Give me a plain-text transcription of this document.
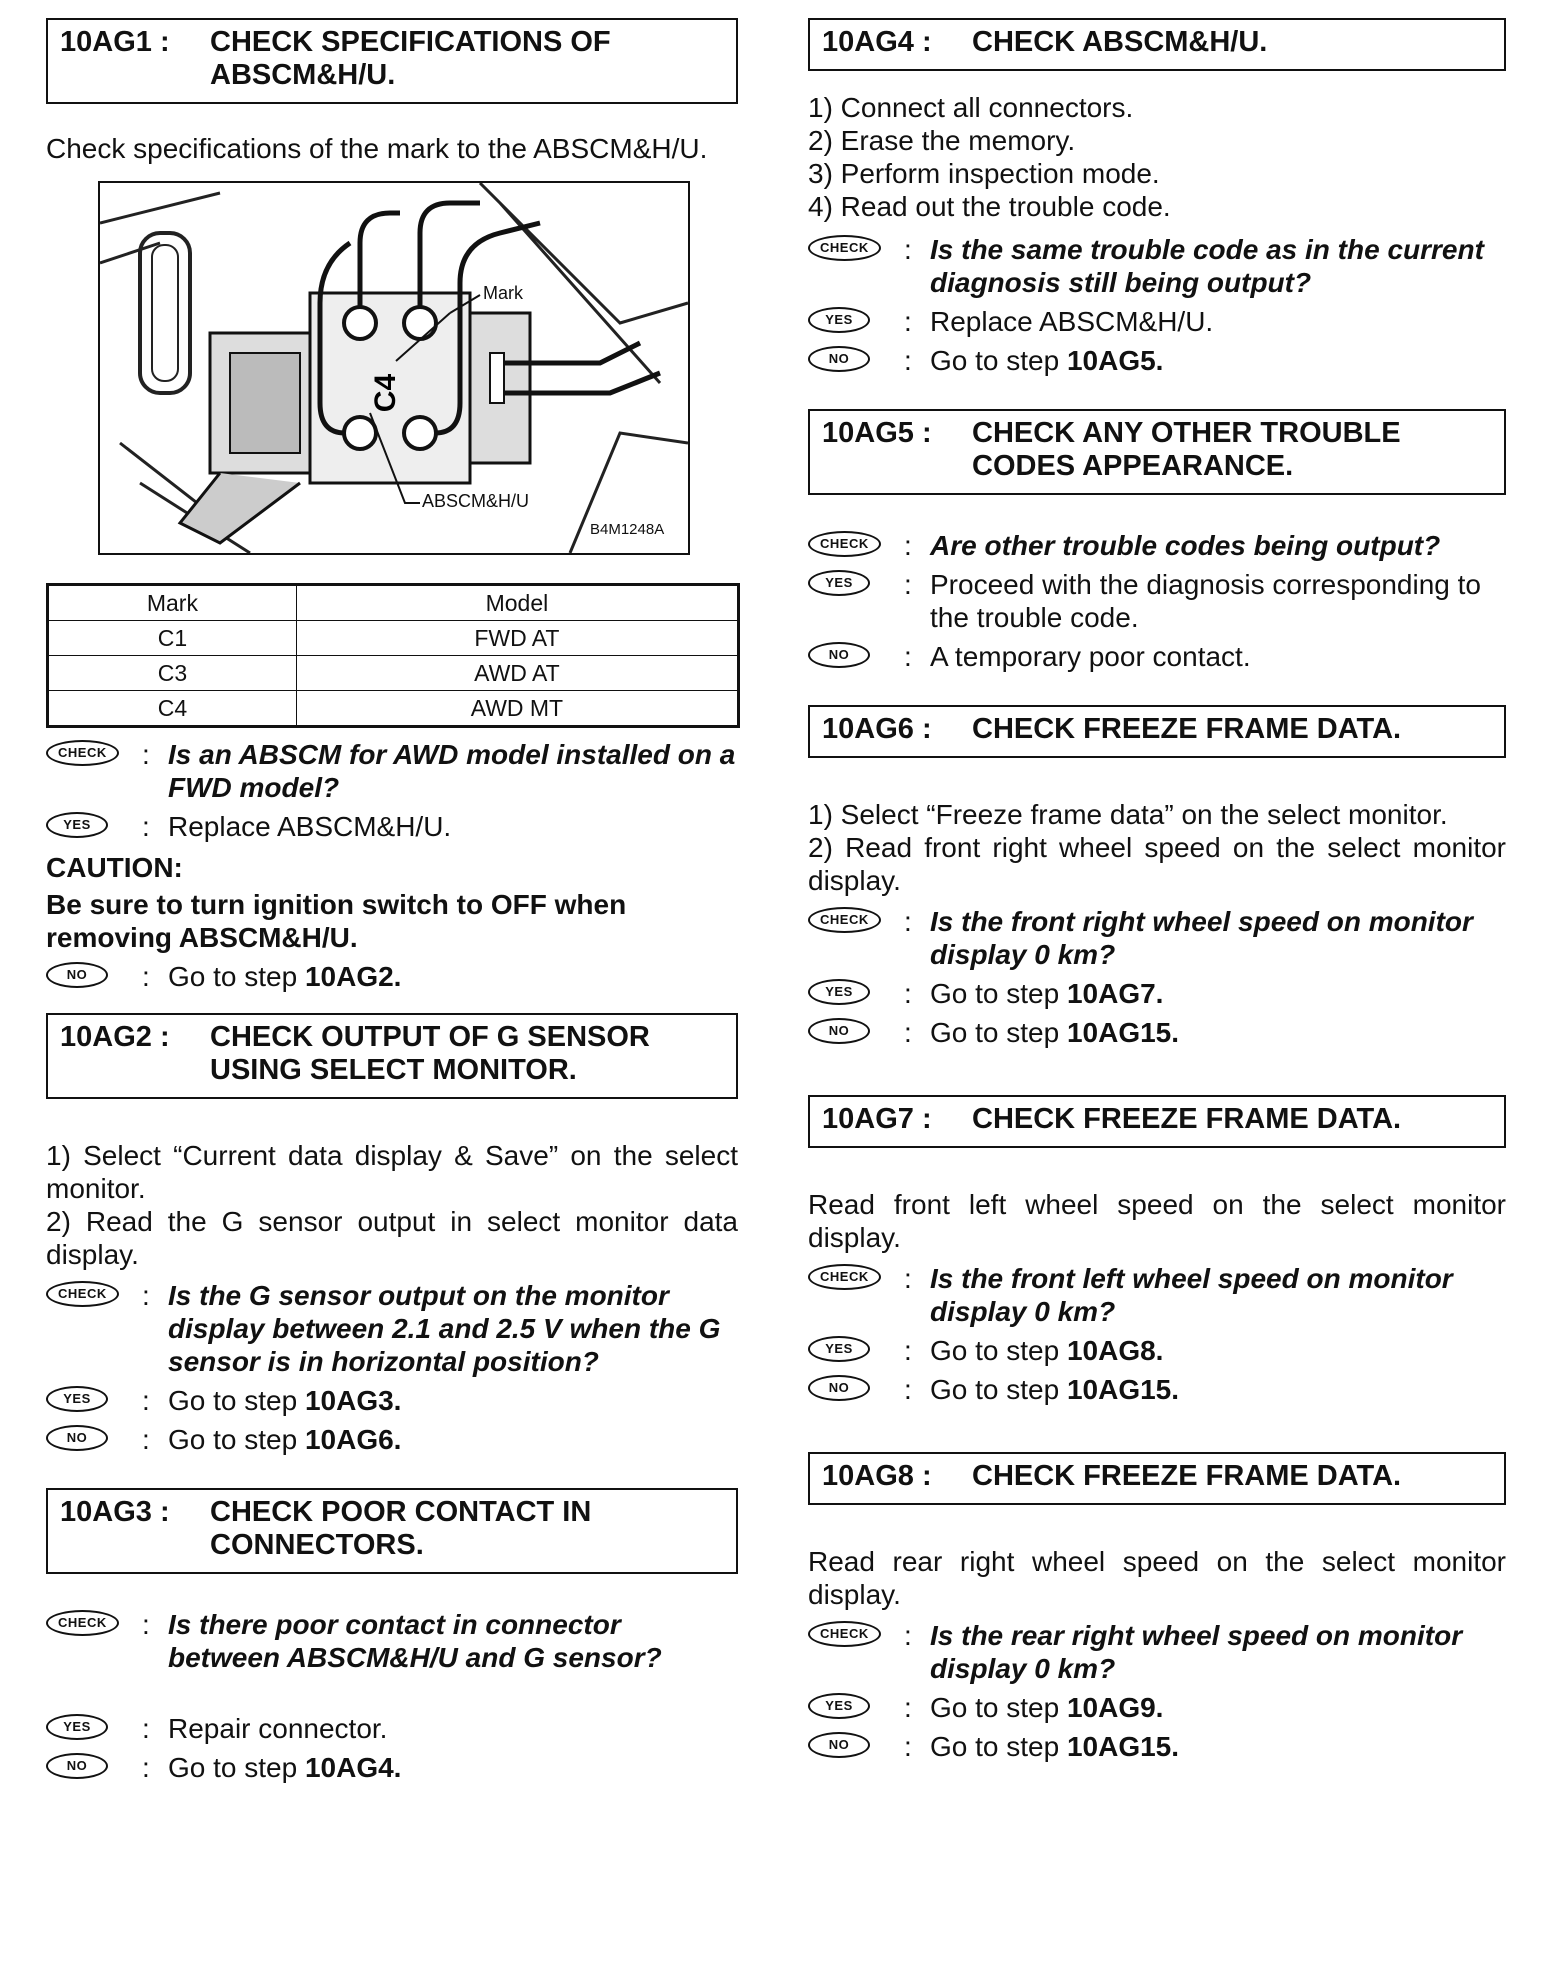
10AG1 :	CHECK SPECIFICATIONS OF ABSCM&H/U.

Check specifications of the mark to the ABSCM&H/U.

C4
Mark
ABSCM&H/U
B4M1248A
Mark	Model
C1	FWD AT
C3	AWD AT
C4	AWD MT
CHECK	: Is an ABSCM for AWD model installed on a FWD model?
YES	: Replace ABSCM&H/U.
CAUTION:
Be sure to turn ignition switch to OFF when removing ABSCM&H/U.
NO	: Go to step 10AG2.
10AG2 :	CHECK OUTPUT OF G SENSOR USING SELECT MONITOR.

1) Select “Current data display & Save” on the select monitor.

2) Read the G sensor output in select monitor data display.

CHECK	: Is the G sensor output on the monitor display between 2.1 and 2.5 V when the G sensor is in horizontal position?
YES	: Go to step 10AG3.
NO	: Go to step 10AG6.
10AG3 :	CHECK POOR CONTACT IN CONNECTORS.
CHECK	: Is there poor contact in connector between ABSCM&H/U and G sensor?
YES	: Repair connector.
NO	: Go to step 10AG4.
10AG4 :	CHECK ABSCM&H/U.
1) Connect all connectors.
2) Erase the memory.
3) Perform inspection mode.
4) Read out the trouble code.
CHECK	: Is the same trouble code as in the current diagnosis still being output?
YES	: Replace ABSCM&H/U.
NO	: Go to step 10AG5.
10AG5 :	CHECK ANY OTHER TROUBLE CODES APPEARANCE.
CHECK	: Are other trouble codes being output?
YES	: Proceed with the diagnosis corresponding to the trouble code.
NO	: A temporary poor contact.
10AG6 :	CHECK FREEZE FRAME DATA.

1) Select “Freeze frame data” on the select monitor.

2) Read front right wheel speed on the select monitor display.

CHECK	: Is the front right wheel speed on monitor display 0 km?
YES	: Go to step 10AG7.
NO	: Go to step 10AG15.
10AG7 :	CHECK FREEZE FRAME DATA.

Read front left wheel speed on the select monitor display.

CHECK	: Is the front left wheel speed on monitor display 0 km?
YES	: Go to step 10AG8.
NO	: Go to step 10AG15.
10AG8 :	CHECK FREEZE FRAME DATA.

Read rear right wheel speed on the select monitor display.

CHECK	: Is the rear right wheel speed on monitor display 0 km?
YES	: Go to step 10AG9.
NO	: Go to step 10AG15.
